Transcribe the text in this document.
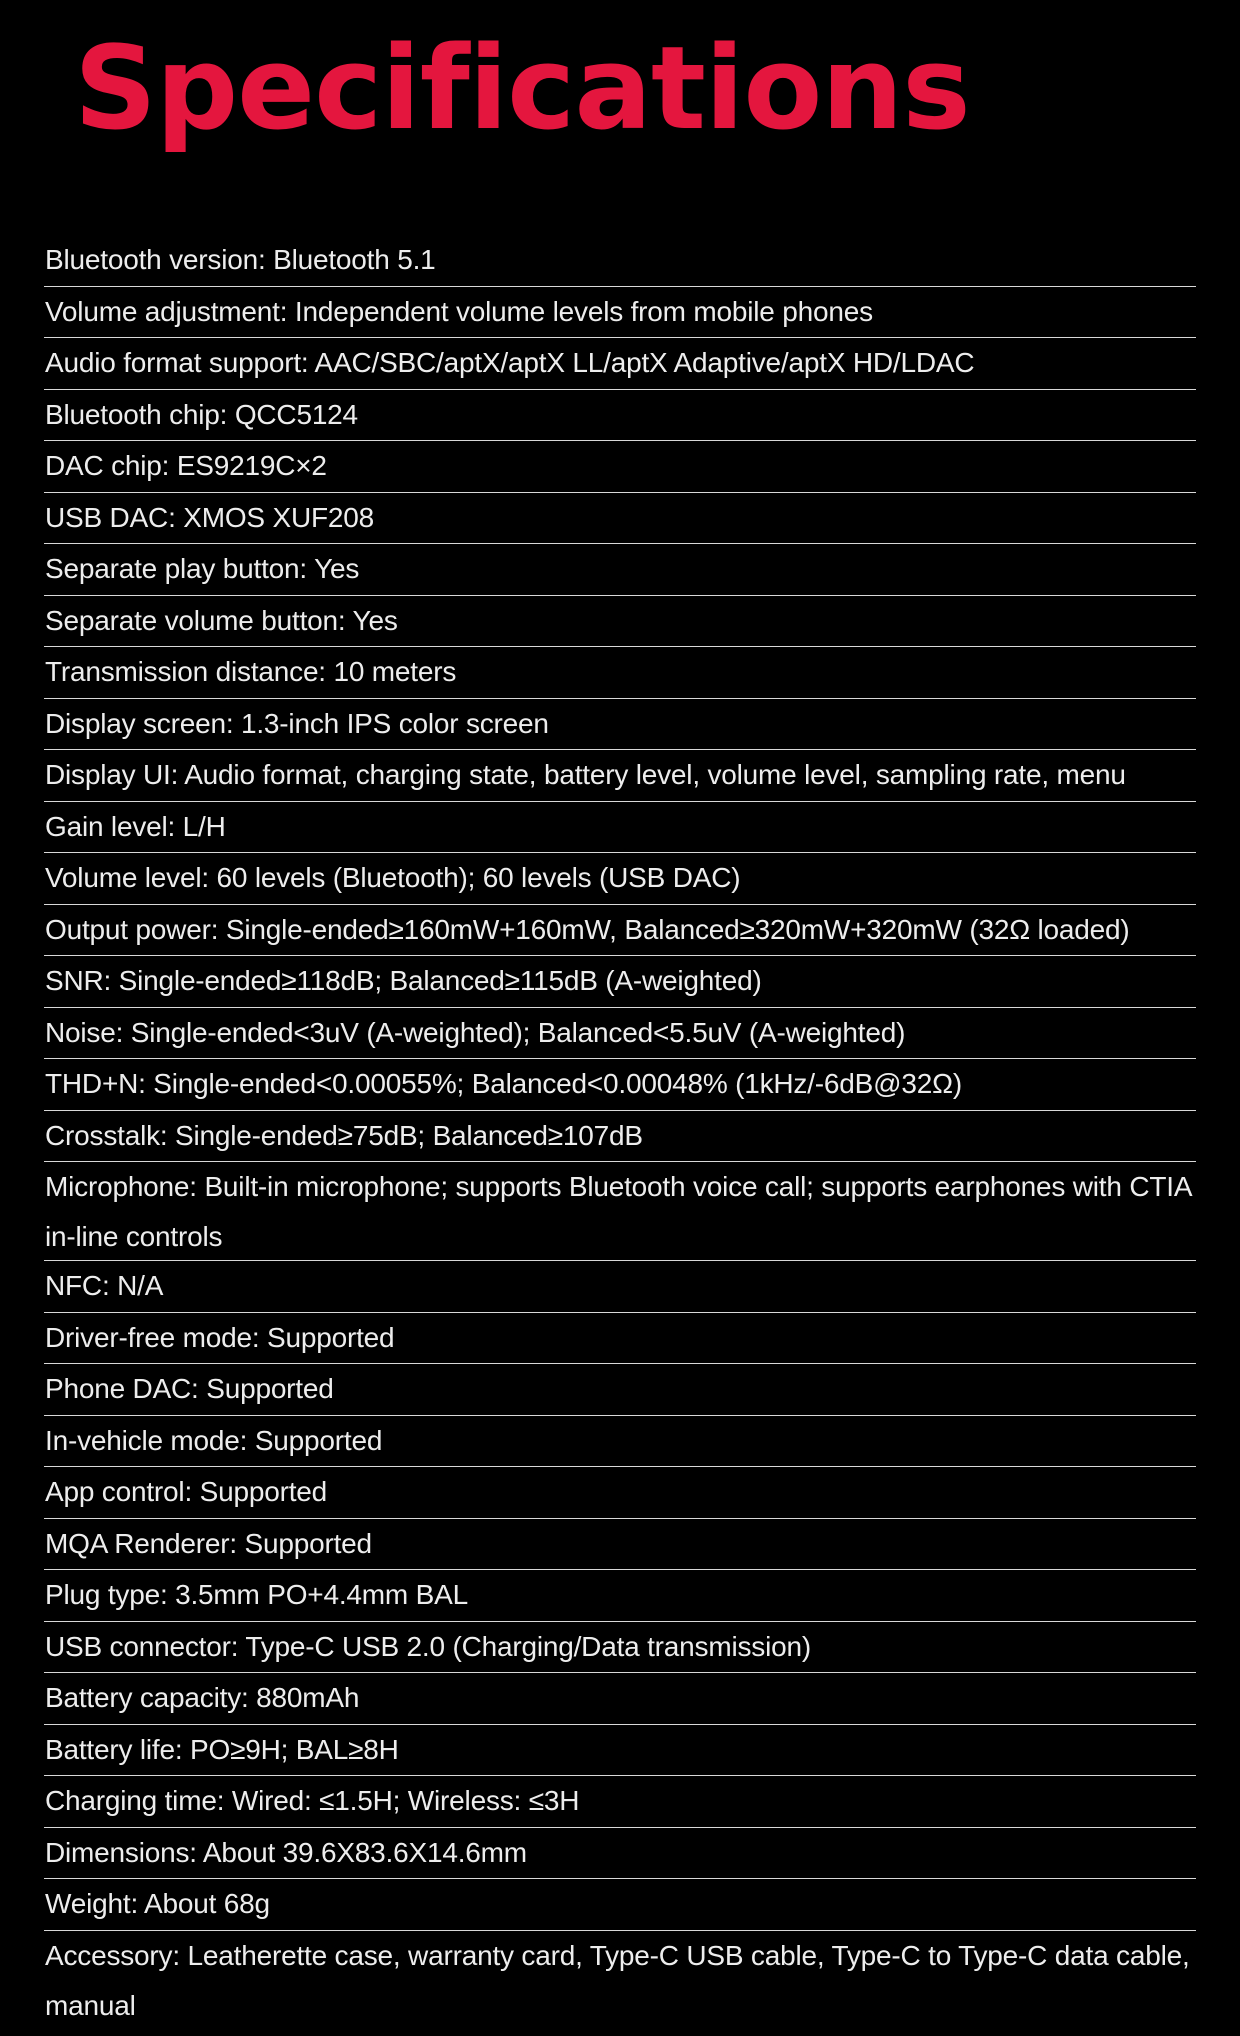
Specifications
Bluetooth version: Bluetooth 5.1
Volume adjustment: Independent volume levels from mobile phones
Audio format support: AAC/SBC/aptX/aptX LL/aptX Adaptive/aptX HD/LDAC
Bluetooth chip: QCC5124
DAC chip: ES9219C×2
USB DAC: XMOS XUF208
Separate play button: Yes
Separate volume button: Yes
Transmission distance: 10 meters
Display screen: 1.3-inch IPS color screen
Display UI: Audio format, charging state, battery level, volume level, sampling rate, menu
Gain level: L/H
Volume level: 60 levels (Bluetooth); 60 levels (USB DAC)
Output power: Single-ended≥160mW+160mW, Balanced≥320mW+320mW (32Ω loaded)
SNR: Single-ended≥118dB; Balanced≥115dB (A-weighted)
Noise: Single-ended<3uV (A-weighted); Balanced<5.5uV (A-weighted)
THD+N: Single-ended<0.00055%; Balanced<0.00048% (1kHz/-6dB@32Ω)
Crosstalk: Single-ended≥75dB; Balanced≥107dB
Microphone: Built-in microphone; supports Bluetooth voice call; supports earphones with CTIA in-line controls
NFC: N/A
Driver-free mode: Supported
Phone DAC: Supported
In-vehicle mode: Supported
App control: Supported
MQA Renderer: Supported
Plug type: 3.5mm PO+4.4mm BAL
USB connector: Type-C USB 2.0 (Charging/Data transmission)
Battery capacity: 880mAh
Battery life: PO≥9H; BAL≥8H
Charging time: Wired: ≤1.5H; Wireless: ≤3H
Dimensions: About 39.6X83.6X14.6mm
Weight: About 68g
Accessory: Leatherette case, warranty card, Type-C USB cable, Type-C to Type-C data cable, manual
